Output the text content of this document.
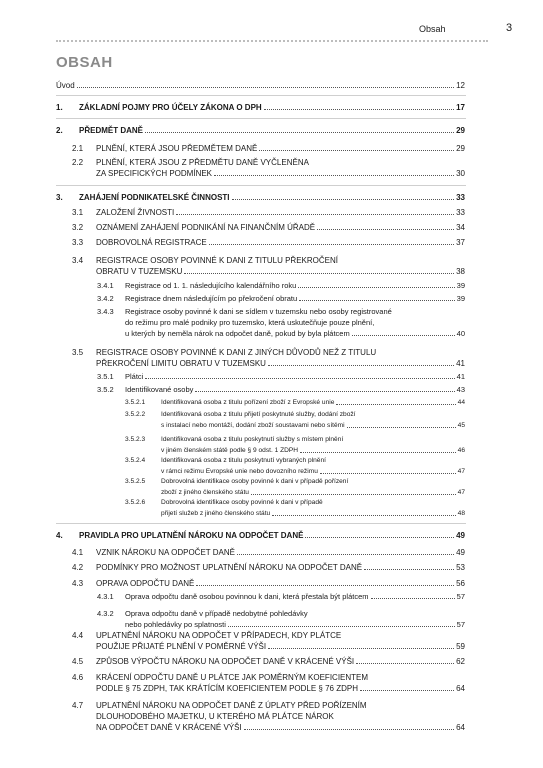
Obsah	3
OBSAH
Úvod	12
1. ZÁKLADNÍ POJMY PRO ÚČELY ZÁKONA O DPH	17
2. PŘEDMĚT DANĚ	29
2.1 PLNĚNÍ, KTERÁ JSOU PŘEDMĚTEM DANĚ	29
2.2 PLNĚNÍ, KTERÁ JSOU Z PŘEDMĚTU DANĚ VYČLENĚNA
ZA SPECIFICKÝCH PODMÍNEK	30
3. ZAHÁJENÍ PODNIKATELSKÉ ČINNOSTI	33
3.1 ZALOŽENÍ ŽIVNOSTI	33
3.2 OZNÁMENÍ ZAHÁJENÍ PODNIKÁNÍ NA FINANČNÍM ÚŘADĚ	34
3.3 DOBROVOLNÁ REGISTRACE	37
3.4 REGISTRACE OSOBY POVINNÉ K DANI Z TITULU PŘEKROČENÍ
OBRATU V TUZEMSKU	38
3.4.1 Registrace od 1. 1. následujícího kalendářního roku	39
3.4.2 Registrace dnem následujícím po překročení obratu	39
3.4.3 Registrace osoby povinné k dani se sídlem v tuzemsku nebo osoby registrované
do režimu pro malé podniky pro tuzemsko, která uskutečňuje pouze plnění,
u kterých by neměla nárok na odpočet daně, pokud by byla plátcem	40
3.5 REGISTRACE OSOBY POVINNÉ K DANI Z JINÝCH DŮVODŮ NEŽ Z TITULU
PŘEKROČENÍ LIMITU OBRATU V TUZEMSKU	41
3.5.1 Plátci	41
3.5.2 Identifikované osoby	43
3.5.2.1 Identifikovaná osoba z titulu pořízení zboží z Evropské unie	44
3.5.2.2 Identifikovaná osoba z titulu přijetí poskytnuté služby, dodání zboží
s instalací nebo montáží, dodání zboží soustavami nebo sítěmi	45
3.5.2.3 Identifikovaná osoba z titulu poskytnutí služby s místem plnění
v jiném členském státě podle § 9 odst. 1 ZDPH	46
3.5.2.4 Identifikovaná osoba z titulu poskytnutí vybraných plnění
v rámci režimu Evropské unie nebo dovozního režimu	47
3.5.2.5 Dobrovolná identifikace osoby povinné k dani v případě pořízení
zboží z jiného členského státu	47
3.5.2.6 Dobrovolná identifikace osoby povinné k dani v případě
přijetí služeb z jiného členského státu	48
4. PRAVIDLA PRO UPLATNĚNÍ NÁROKU NA ODPOČET DANĚ	49
4.1 VZNIK NÁROKU NA ODPOČET DANĚ	49
4.2 PODMÍNKY PRO MOŽNOST UPLATNĚNÍ NÁROKU NA ODPOČET DANĚ	53
4.3 OPRAVA ODPOČTU DANĚ	56
4.3.1 Oprava odpočtu daně osobou povinnou k dani, která přestala být plátcem	57
4.3.2 Oprava odpočtu daně v případě nedobytné pohledávky
nebo pohledávky po splatnosti	57
4.4 UPLATNĚNÍ NÁROKU NA ODPOČET V PŘÍPADECH, KDY PLÁTCE
POUŽIJE PŘIJATÉ PLNĚNÍ V POMĚRNÉ VÝŠI	59
4.5 ZPŮSOB VÝPOČTU NÁROKU NA ODPOČET DANĚ V KRÁCENÉ VÝŠI	62
4.6 KRÁCENÍ ODPOČTU DANĚ U PLÁTCE JAK POMĚRNÝM KOEFICIENTEM
PODLE § 75 ZDPH, TAK KRÁTÍCÍM KOEFICIENTEM PODLE § 76 ZDPH	64
4.7 UPLATNĚNÍ NÁROKU NA ODPOČET DANĚ Z ÚPLATY PŘED POŘÍZENÍM
DLOUHODOBÉHO MAJETKU, U KTERÉHO MÁ PLÁTCE NÁROK
NA ODPOČET DANĚ V KRÁCENÉ VÝŠI	64
